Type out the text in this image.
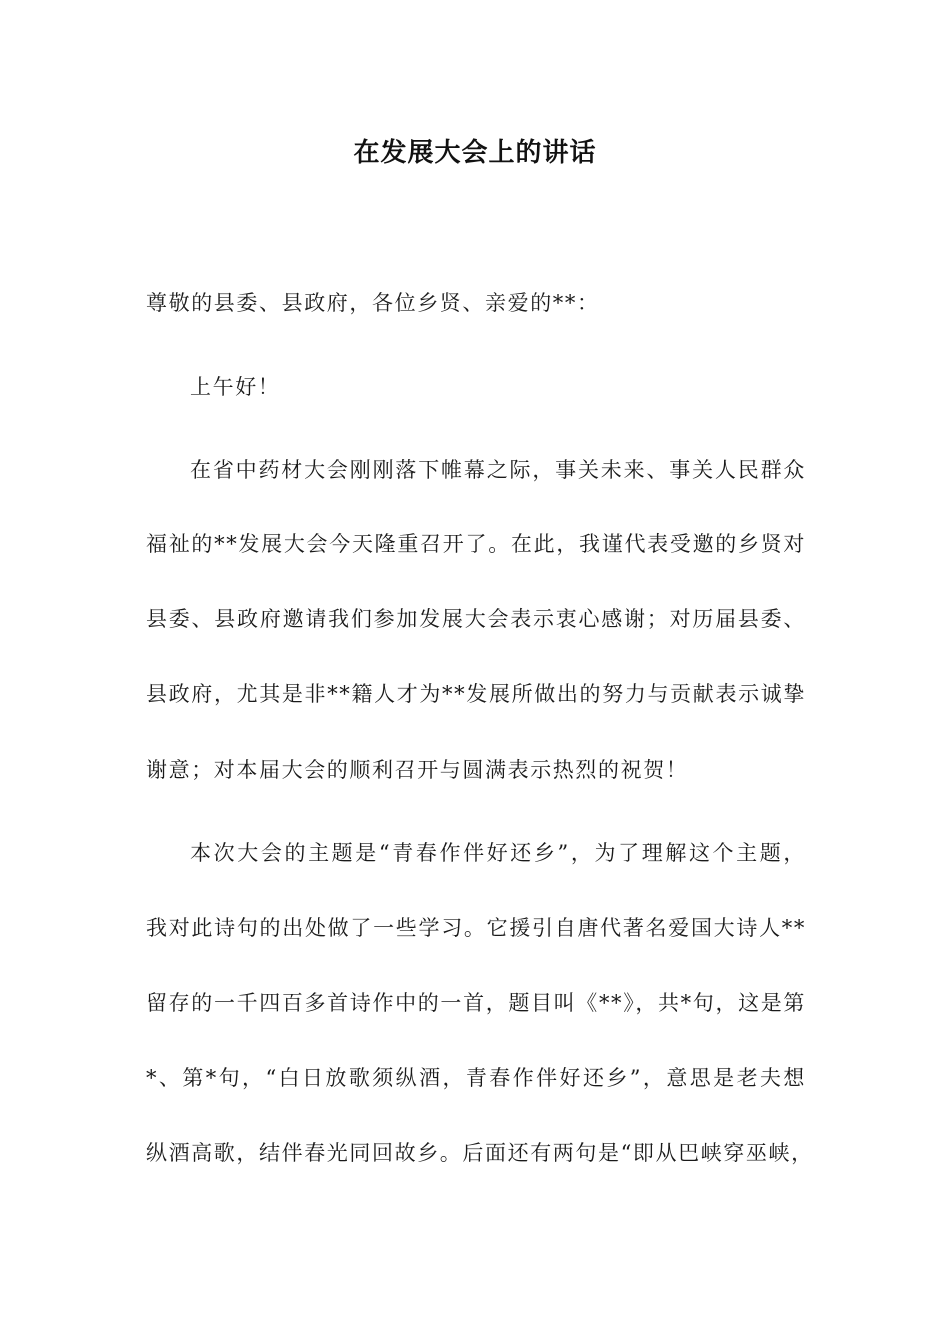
在发展大会上的讲话
尊敬的县委、县政府，各位乡贤、亲爱的**：
上午好！
在省中药材大会刚刚落下帷幕之际，事关未来、事关人民群众
福祉的**发展大会今天隆重召开了。在此，我谨代表受邀的乡贤对
县委、县政府邀请我们参加发展大会表示衷心感谢；对历届县委、
县政府，尤其是非**籍人才为**发展所做出的努力与贡献表示诚挚
谢意；对本届大会的顺利召开与圆满表示热烈的祝贺！
本次大会的主题是“青春作伴好还乡”，为了理解这个主题，
我对此诗句的出处做了一些学习。它援引自唐代著名爱国大诗人**
留存的一千四百多首诗作中的一首，题目叫《**》，共*句，这是第
*、第*句，“白日放歌须纵酒，青春作伴好还乡”，意思是老夫想
纵酒高歌，结伴春光同回故乡。后面还有两句是“即从巴峡穿巫峡，
